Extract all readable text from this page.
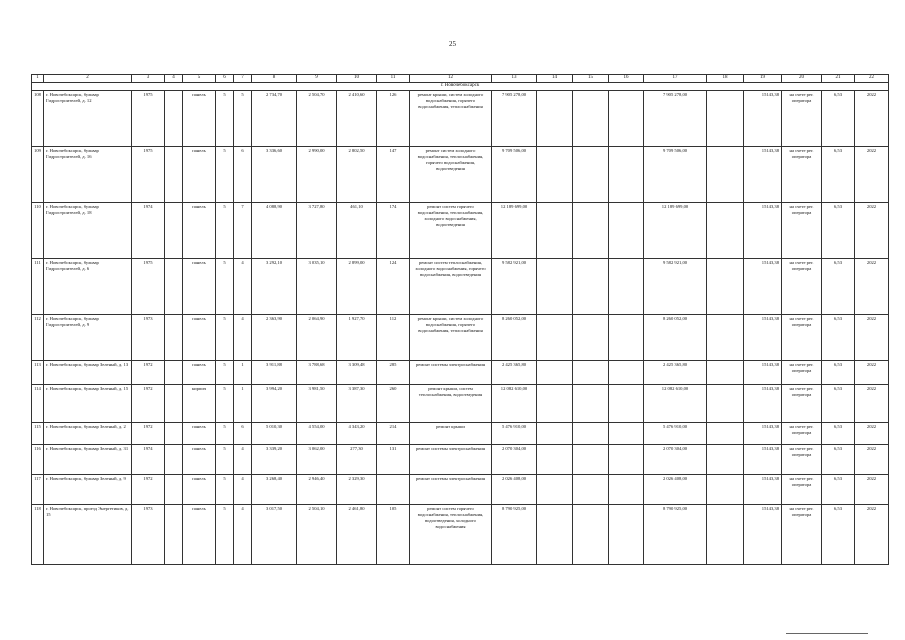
25
1	2	3	4	5	6	7	8	9	10	11	12	13	14	15	16	17	18	19	20	21	22
г. Новочебоксарск																					
108	г. Новочебоксарск, бульвар Гидростроителей, д. 12	1975		панель	5	5	2 734,70	2 504,70	2 410,60	126	ремонт крыши, систем холодного водоснабжения, горячего водоснабжения, теплоснабжения	7 905 278,00				7 905 278,00		15143,38	на счете рег. оператора	6,53	2022
109	г. Новочебоксарск, бульвар Гидростроителей, д. 16	1975		панель	5	6	3 336,60	2 990,00	2 802,50	147	ремонт систем холодного водоснабжения, теплоснабжения, горячего водоснабжения, водоотведения	9 709 506,00				9 709 506,00		15143,38	на счете рег. оператора	6,53	2022
110	г. Новочебоксарск, бульвар Гидростроителей, д. 18	1974		панель	5	7	4 088,90	3 727,80	461,10	174	ремонт систем горячего водоснабжения, теплоснабжения, холодного водоснабжения, водоотведения	12 189 699,00				12 189 699,00		15143,38	на счете рег. оператора	6,53	2022
111	г. Новочебоксарск, бульвар Гидростроителей, д. 6	1975		панель	5	4	3 292,10	3 035,10	2 899,00	124	ремонт систем теплоснабжения, холодного водоснабжения, горячего водоснабжения, водоотведения	9 582 921,00				9 582 921,00		15143,38	на счете рег. оператора	6,53	2022
112	г. Новочебоксарск, бульвар Гидростроителей, д. 9	1973		панель	5	4	2 363,90	2 064,90	1 927,70	112	ремонт крыши, систем холодного водоснабжения, горячего водоснабжения, теплоснабжения	8 260 052,00				8 260 052,00		15143,38	на счете рег. оператора	6,53	2022
113	г. Новочебоксарск, бульвар Зеленый, д. 13	1972		панель	5	1	3 911,88	3 788,68	3 309,48	285	ремонт системы электроснабжения	2 425 365,80				2 425 365,80		15143,38	на счете рег. оператора	6,53	2022
114	г. Новочебоксарск, бульвар Зеленый, д. 15	1972		кирпич	5	1	3 994,20	3 981,50	3 387,30	260	ремонт крыши, систем теплоснабжения, водоотведения	12 082 610,00				12 082 610,00		15143,38	на счете рег. оператора	6,53	2022
115	г. Новочебоксарск, бульвар Зеленый, д. 2	1972		панель	5	6	5 010,30	4 554,00	4 343,20	214	ремонт крыши	5 476 910,00				5 476 910,00		15143,38	на счете рег. оператора	6,53	2022
116	г. Новочебоксарск, бульвар Зеленый, д. 31	1974		панель	5	4	3 339,20	3 062,00	277,30	131	ремонт системы электроснабжения	2 070 304,00				2 070 304,00		15143,38	на счете рег. оператора	6,53	2022
117	г. Новочебоксарск, бульвар Зеленый, д. 9	1972		панель	5	4	3 268,40	2 946,40	2 329,30		ремонт системы электроснабжения	2 026 408,00				2 026 408,00		15143,38	на счете рег. оператора	6,53	2022
118	г. Новочебоксарск, проезд Энергетиков, д. 15	1973		панель	5	4	3 017,50	2 504,10	2 461,80	105	ремонт систем горячего водоснабжения, теплоснабжения, водоотведения, холодного водоснабжения	8 790 925,00				8 790 925,00		15143,38	на счете рег. оператора	6,53	2022
